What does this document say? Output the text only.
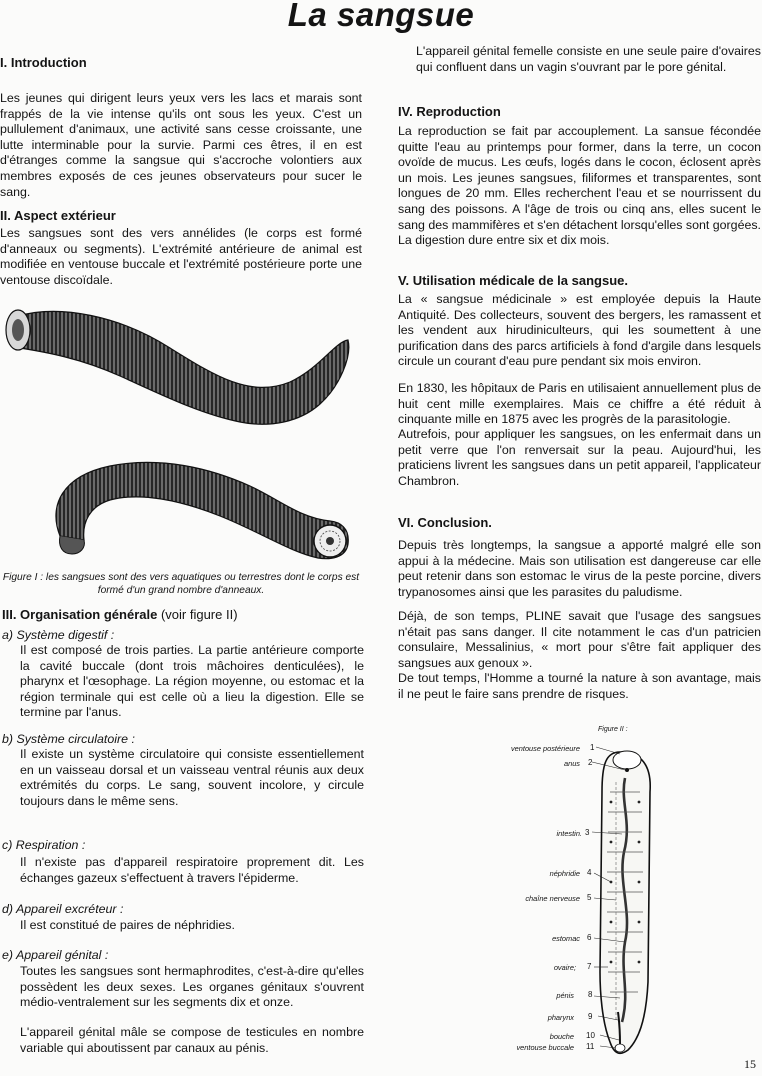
La sangsue
I. Introduction

Les jeunes qui dirigent leurs yeux vers les lacs et marais sont frappés de la vie intense qu'ils ont sous les yeux. C'est un pullulement d'animaux, une activité sans cesse croissante, une lutte interminable pour la survie. Parmi ces êtres, il en est d'étranges comme la sangsue qui s'accroche volontiers aux membres exposés de ces jeunes observateurs pour sucer le sang.

II. Aspect extérieur

Les sangsues sont des vers annélides (le corps est formé d'anneaux ou segments). L'extrémité antérieure de animal est modifiée en ventouse buccale et l'extrémité postérieure porte une ventouse discoïdale.

Figure I : les sangsues sont des vers aquatiques ou terrestres dont le corps est formé d'un grand nombre d'anneaux.

III. Organisation générale (voir figure II)

a) Système digestif :

Il est composé de trois parties. La partie antérieure comporte la cavité buccale (dont trois mâchoires denticulées), le pharynx et l'œsophage. La région moyenne, ou estomac et la région terminale qui est celle où a lieu la digestion. Elle se termine par l'anus.

b) Système circulatoire :

Il existe un système circulatoire qui consiste essentiellement en un vaisseau dorsal et un vaisseau ventral réunis aux deux extrémités du corps. Le sang, souvent incolore, y circule toujours dans le même sens.

c) Respiration :

Il n'existe pas d'appareil respiratoire proprement dit. Les échanges gazeux s'effectuent à travers l'épiderme.

d) Appareil excréteur :

Il est constitué de paires de néphridies.

e) Appareil génital :

Toutes les sangsues sont hermaphrodites, c'est-à-dire qu'elles possèdent les deux sexes. Les organes génitaux s'ouvrent médio-ventralement sur les segments dix et onze.

L'appareil génital mâle se compose de testicules en nombre variable qui aboutissent par canaux au pénis.

L'appareil génital femelle consiste en une seule paire d'ovaires qui confluent dans un vagin s'ouvrant par le pore génital.

IV. Reproduction

La reproduction se fait par accouplement. La sansue fécondée quitte l'eau au printemps pour former, dans la terre, un cocon ovoïde de mucus. Les œufs, logés dans le cocon, éclosent après un mois. Les jeunes sangsues, filiformes et transparentes, sont longues de 20 mm. Elles recherchent l'eau et se nourrissent du sang des poissons. A l'âge de trois ou cinq ans, elles sucent le sang des mammifères et s'en détachent lorsqu'elles sont gorgées. La digestion dure entre six et dix mois.

V. Utilisation médicale de la sangsue.

La « sangsue médicinale » est employée depuis la Haute Antiquité. Des collecteurs, souvent des bergers, les ramassent et les vendent aux hirudiniculteurs, qui les soumettent à une purification dans des parcs artificiels à fond d'argile dans lesquels circule un courant d'eau pure pendant six mois environ.

En 1830, les hôpitaux de Paris en utilisaient annuellement plus de huit cent mille exemplaires. Mais ce chiffre a été réduit à cinquante mille en 1875 avec les progrès de la parasitologie.

Autrefois, pour appliquer les sangsues, on les enfermait dans un petit verre que l'on renversait sur la peau. Aujourd'hui, les praticiens livrent les sangsues dans un petit appareil, l'applicateur Chambron.

VI. Conclusion.

Depuis très longtemps, la sangsue a apporté malgré elle son appui à la médecine. Mais son utilisation est dangereuse car elle peut retenir dans son estomac le virus de la peste porcine, divers trypanosomes ainsi que les parasites du paludisme.

Déjà, de son temps, PLINE savait que l'usage des sangsues n'était pas sans danger. Il cite notamment le cas d'un patricien consulaire, Messalinius, « mort pour s'être fait appliquer des sangsues aux genoux ».

De tout temps, l'Homme a tourné la nature à son avantage, mais il ne peut le faire sans prendre de risques.

Figure II :
ventouse postérieure 1
anus 2
intestin. 3
néphridie 4
chaîne nerveuse 5
estomac 6
ovaire; 7
pénis 8
pharynx 9
bouche 10
ventouse buccale 11
15
